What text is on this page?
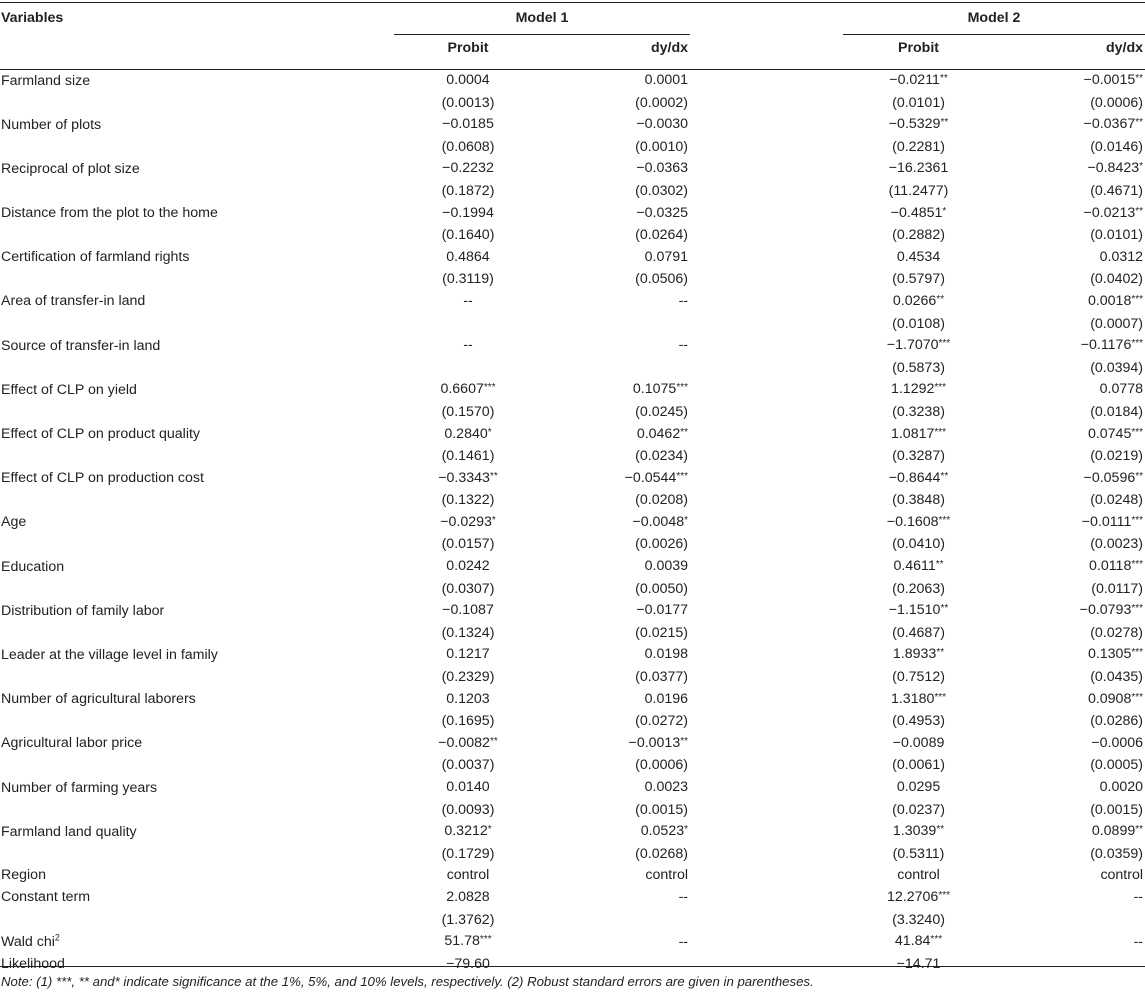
Variables	Model 1			Model 2	
	Probit	dy/dx		Probit	dy/dx

Farmland size	0.0004	0.0001		−0.0211**	−0.0015**
	(0.0013)	(0.0002)		(0.0101)	(0.0006)
Number of plots	−0.0185	−0.0030		−0.5329**	−0.0367**
	(0.0608)	(0.0010)		(0.2281)	(0.0146)
Reciprocal of plot size	−0.2232	−0.0363		−16.2361	−0.8423*
	(0.1872)	(0.0302)		(11.2477)	(0.4671)
Distance from the plot to the home	−0.1994	−0.0325		−0.4851*	−0.0213**
	(0.1640)	(0.0264)		(0.2882)	(0.0101)
Certification of farmland rights	0.4864	0.0791		0.4534	0.0312
	(0.3119)	(0.0506)		(0.5797)	(0.0402)
Area of transfer-in land	--	--		0.0266**	0.0018***
				(0.0108)	(0.0007)
Source of transfer-in land	--	--		−1.7070***	−0.1176***
				(0.5873)	(0.0394)
Effect of CLP on yield	0.6607***	0.1075***		1.1292***	0.0778
	(0.1570)	(0.0245)		(0.3238)	(0.0184)
Effect of CLP on product quality	0.2840*	0.0462**		1.0817***	0.0745***
	(0.1461)	(0.0234)		(0.3287)	(0.0219)
Effect of CLP on production cost	−0.3343**	−0.0544***		−0.8644**	−0.0596**
	(0.1322)	(0.0208)		(0.3848)	(0.0248)
Age	−0.0293*	−0.0048*		−0.1608***	−0.0111***
	(0.0157)	(0.0026)		(0.0410)	(0.0023)
Education	0.0242	0.0039		0.4611**	0.0118***
	(0.0307)	(0.0050)		(0.2063)	(0.0117)
Distribution of family labor	−0.1087	−0.0177		−1.1510**	−0.0793***
	(0.1324)	(0.0215)		(0.4687)	(0.0278)
Leader at the village level in family	0.1217	0.0198		1.8933**	0.1305***
	(0.2329)	(0.0377)		(0.7512)	(0.0435)
Number of agricultural laborers	0.1203	0.0196		1.3180***	0.0908***
	(0.1695)	(0.0272)		(0.4953)	(0.0286)
Agricultural labor price	−0.0082**	−0.0013**		−0.0089	−0.0006
	(0.0037)	(0.0006)		(0.0061)	(0.0005)
Number of farming years	0.0140	0.0023		0.0295	0.0020
	(0.0093)	(0.0015)		(0.0237)	(0.0015)
Farmland land quality	0.3212*	0.0523*		1.3039**	0.0899**
	(0.1729)	(0.0268)		(0.5311)	(0.0359)
Region	control	control		control	control
Constant term	2.0828	--		12.2706***	--
	(1.3762)			(3.3240)	
Wald chi$^2$	51.78***	--		41.84***	--
Likelihood	−79.60			−14.71	
Note: (1) ***, ** and* indicate significance at the 1%, 5%, and 10% levels, respectively. (2) Robust standard errors are given in parentheses.
